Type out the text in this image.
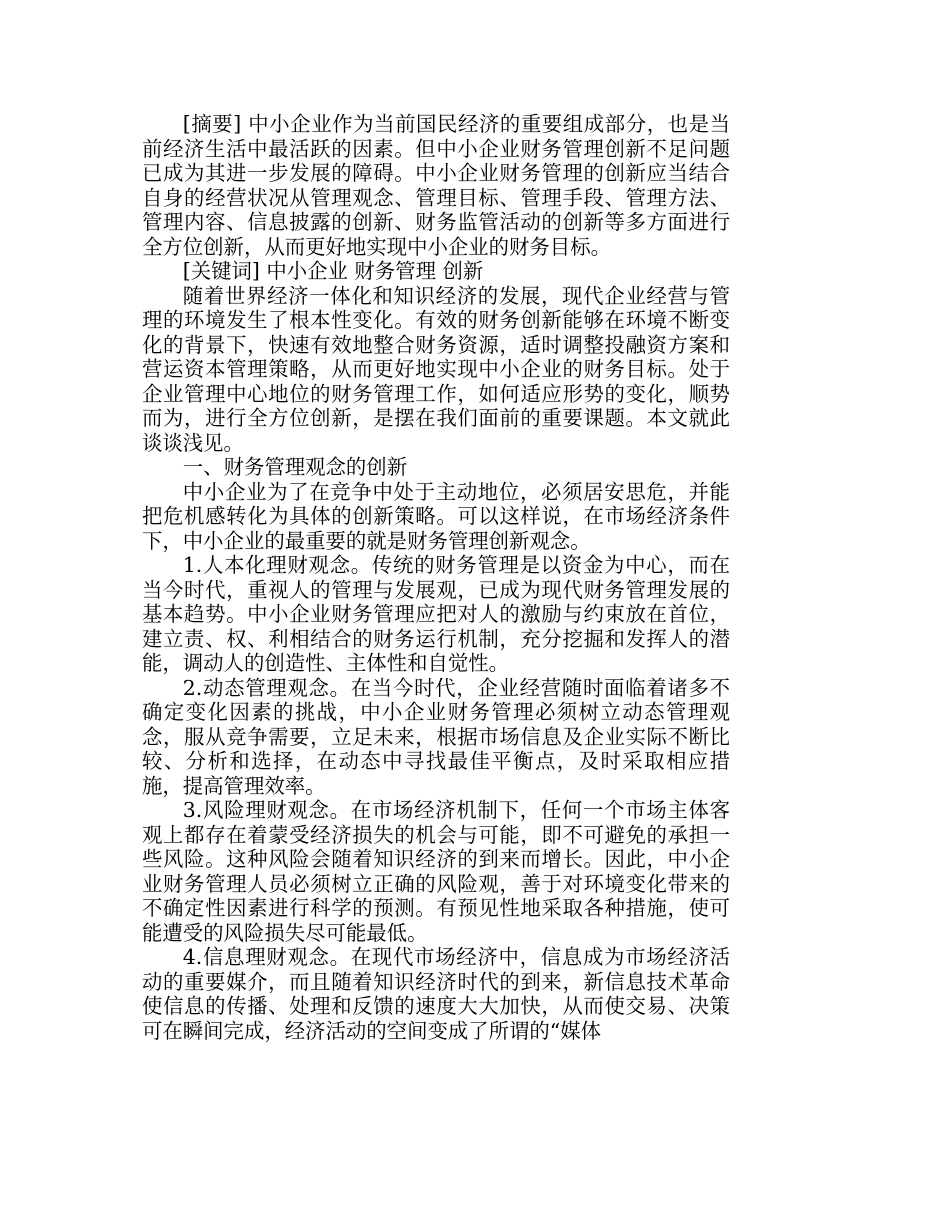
[摘要] 中小企业作为当前国民经济的重要组成部分，也是当前经济生活中最活跃的因素。但中小企业财务管理创新不足问题已成为其进一步发展的障碍。中小企业财务管理的创新应当结合自身的经营状况从管理观念、管理目标、管理手段、管理方法、管理内容、信息披露的创新、财务监管活动的创新等多方面进行全方位创新，从而更好地实现中小企业的财务目标。

[关键词] 中小企业 财务管理 创新

随着世界经济一体化和知识经济的发展，现代企业经营与管理的环境发生了根本性变化。有效的财务创新能够在环境不断变化的背景下，快速有效地整合财务资源，适时调整投融资方案和营运资本管理策略，从而更好地实现中小企业的财务目标。处于企业管理中心地位的财务管理工作，如何适应形势的变化，顺势而为，进行全方位创新，是摆在我们面前的重要课题。本文就此谈谈浅见。

一、财务管理观念的创新

中小企业为了在竞争中处于主动地位，必须居安思危，并能把危机感转化为具体的创新策略。可以这样说，在市场经济条件下，中小企业的最重要的就是财务管理创新观念。

1.人本化理财观念。传统的财务管理是以资金为中心，而在当今时代，重视人的管理与发展观，已成为现代财务管理发展的基本趋势。中小企业财务管理应把对人的激励与约束放在首位，建立责、权、利相结合的财务运行机制，充分挖掘和发挥人的潜能，调动人的创造性、主体性和自觉性。

2.动态管理观念。在当今时代，企业经营随时面临着诸多不确定变化因素的挑战，中小企业财务管理必须树立动态管理观念，服从竞争需要，立足未来，根据市场信息及企业实际不断比较、分析和选择，在动态中寻找最佳平衡点，及时采取相应措施，提高管理效率。

3.风险理财观念。在市场经济机制下，任何一个市场主体客观上都存在着蒙受经济损失的机会与可能，即不可避免的承担一些风险。这种风险会随着知识经济的到来而增长。因此，中小企业财务管理人员必须树立正确的风险观，善于对环境变化带来的不确定性因素进行科学的预测。有预见性地采取各种措施，使可能遭受的风险损失尽可能最低。

4.信息理财观念。在现代市场经济中，信息成为市场经济活动的重要媒介，而且随着知识经济时代的到来，新信息技术革命使信息的传播、处理和反馈的速度大大加快，从而使交易、决策可在瞬间完成，经济活动的空间变成了所谓的“媒体
